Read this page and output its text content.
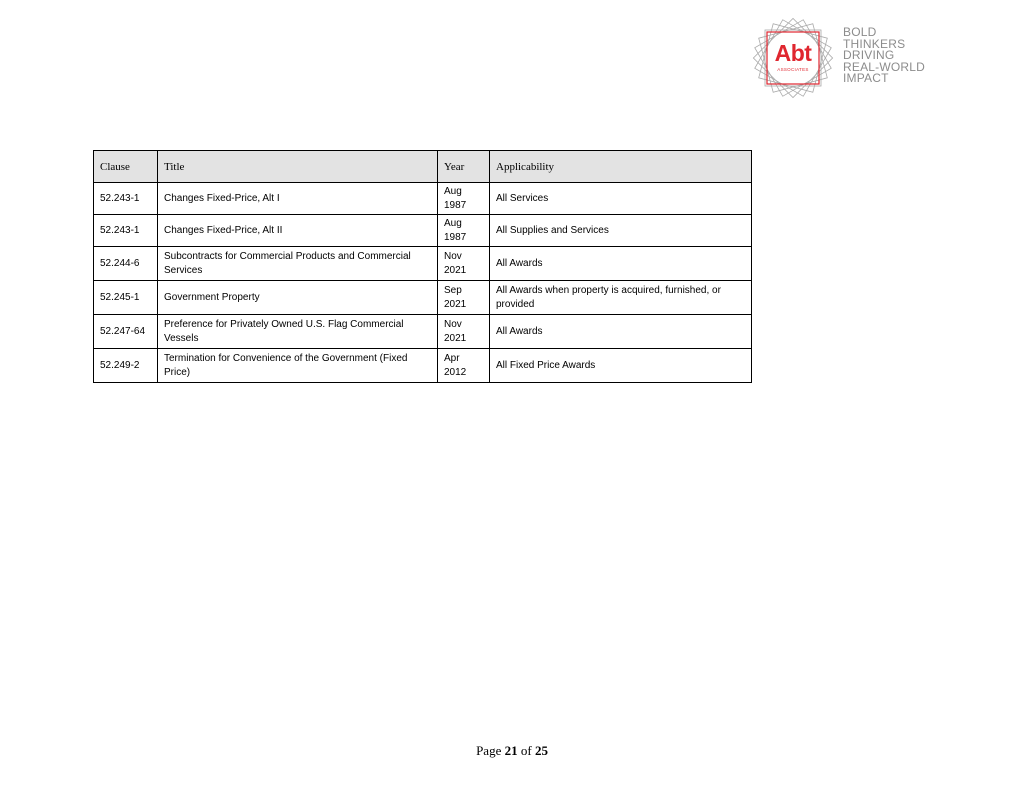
Abt
ASSOCIATES
BOLD
THINKERS
DRIVING
REAL-WORLD
IMPACT
Clause	Title	Year	Applicability
52.243-1	Changes Fixed-Price, Alt I	Aug 1987	All Services
52.243-1	Changes Fixed-Price, Alt II	Aug 1987	All Supplies and Services
52.244-6	Subcontracts for Commercial Products and Commercial Services	Nov 2021	All Awards
52.245-1	Government Property	Sep 2021	All Awards when property is acquired, furnished, or provided
52.247-64	Preference for Privately Owned U.S. Flag Commercial Vessels	Nov 2021	All Awards
52.249-2	Termination for Convenience of the Government (Fixed Price)	Apr 2012	All Fixed Price Awards
Page 21 of 25
